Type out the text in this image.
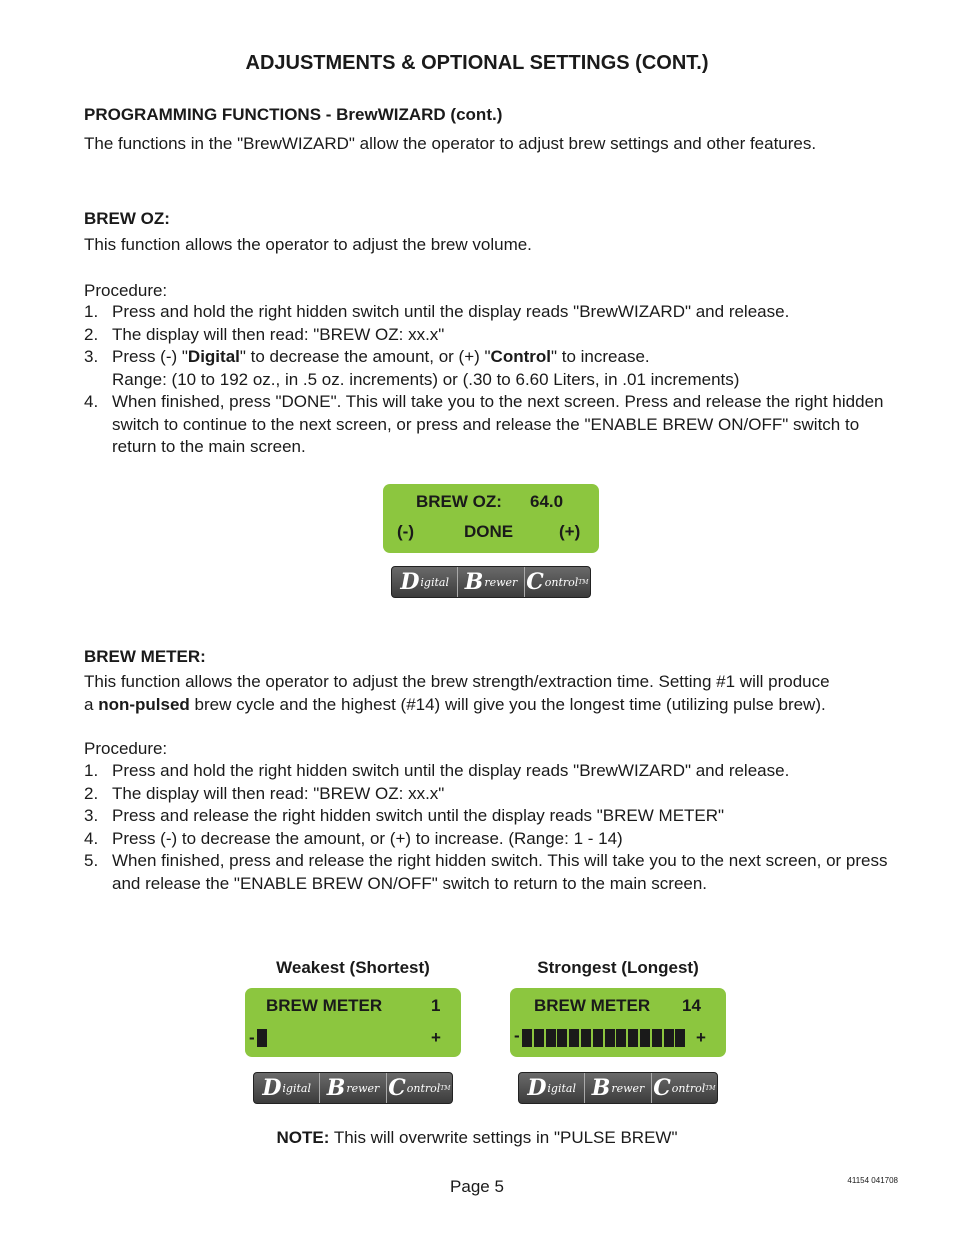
ADJUSTMENTS & OPTIONAL SETTINGS (CONT.)
PROGRAMMING FUNCTIONS - BrewWIZARD (cont.)
The functions in the "BrewWIZARD" allow the operator to adjust brew settings and other features.
BREW OZ:
This function allows the operator to adjust the brew volume.
Procedure:
1. Press and hold the right hidden switch until the display reads "BrewWIZARD" and release.
2. The display will then read: "BREW OZ: xx.x"
3. Press (-) "Digital" to decrease the amount, or (+) "Control" to increase.
Range: (10 to 192 oz., in .5 oz. increments) or (.30 to 6.60 Liters, in .01 increments)
4. When finished, press "DONE". This will take you to the next screen. Press and release the right hidden switch to continue to the next screen, or press and release the "ENABLE BREW ON/OFF" switch to return to the main screen.
BREW OZ: 64.0
(-)	DONE	(+)
D igital B rewer C ontrol TM
BREW METER:
This function allows the operator to adjust the brew strength/extraction time. Setting #1 will produce
a non-pulsed brew cycle and the highest (#14) will give you the longest time (utilizing pulse brew).
Procedure:
1. Press and hold the right hidden switch until the display reads "BrewWIZARD" and release.
2. The display will then read: "BREW OZ: xx.x"
3. Press and release the right hidden switch until the display reads "BREW METER"
4. Press (-) to decrease the amount, or (+) to increase. (Range: 1 - 14)
5. When finished, press and release the right hidden switch. This will take you to the next screen, or press and release the "ENABLE BREW ON/OFF" switch to return to the main screen.
Weakest (Shortest)	Strongest (Longest)
BREW METER	1
-	+
BREW METER 14
-	+
D igital B rewer C ontrol TM	D igital B rewer C ontrol TM
NOTE: This will overwrite settings in "PULSE BREW"
Page 5	41154 041708
